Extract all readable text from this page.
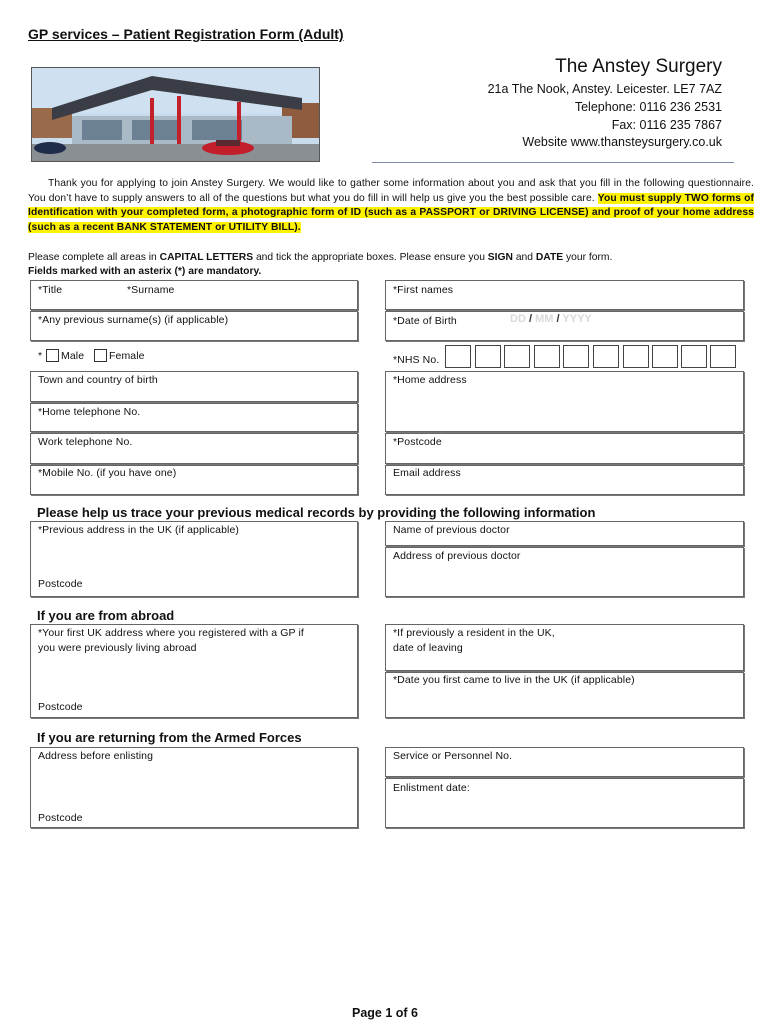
GP services – Patient Registration Form (Adult)
The Anstey Surgery
21a The Nook, Anstey. Leicester. LE7 7AZ
Telephone: 0116 236 2531
Fax: 0116 235 7867
Website www.thansteysurgery.co.uk

Thank you for applying to join Anstey Surgery. We would like to gather some information about you and ask that you fill in the following questionnaire. You don’t have to supply answers to all of the questions but what you do fill in will help us give you the best possible care. You must supply TWO forms of Identification with your completed form, a photographic form of ID (such as a PASSPORT or DRIVING LICENSE) and proof of your home address (such as a recent BANK STATEMENT or UTILITY BILL).

Please complete all areas in CAPITAL LETTERS and tick the appropriate boxes. Please ensure you SIGN and DATE your form.
Fields marked with an asterix (*) are mandatory.
*Title	*Surname
*Any previous surname(s) (if applicable)
* Male Female
Town and country of birth
*Home telephone No.
Work telephone No.
*Mobile No. (if you have one)
*First names
*Date of Birth	DD / MM / YYYY
*NHS No.
*Home address
*Postcode
Email address
Please help us trace your previous medical records by providing the following information
*Previous address in the UK (if applicable)
Postcode
Name of previous doctor
Address of previous doctor
If you are from abroad
*Your first UK address where you registered with a GP if
you were previously living abroad
Postcode
*If previously a resident in the UK,
date of leaving
*Date you first came to live in the UK (if applicable)
If you are returning from the Armed Forces
Address before enlisting
Postcode
Service or Personnel No.
Enlistment date:
Page 1 of 6
